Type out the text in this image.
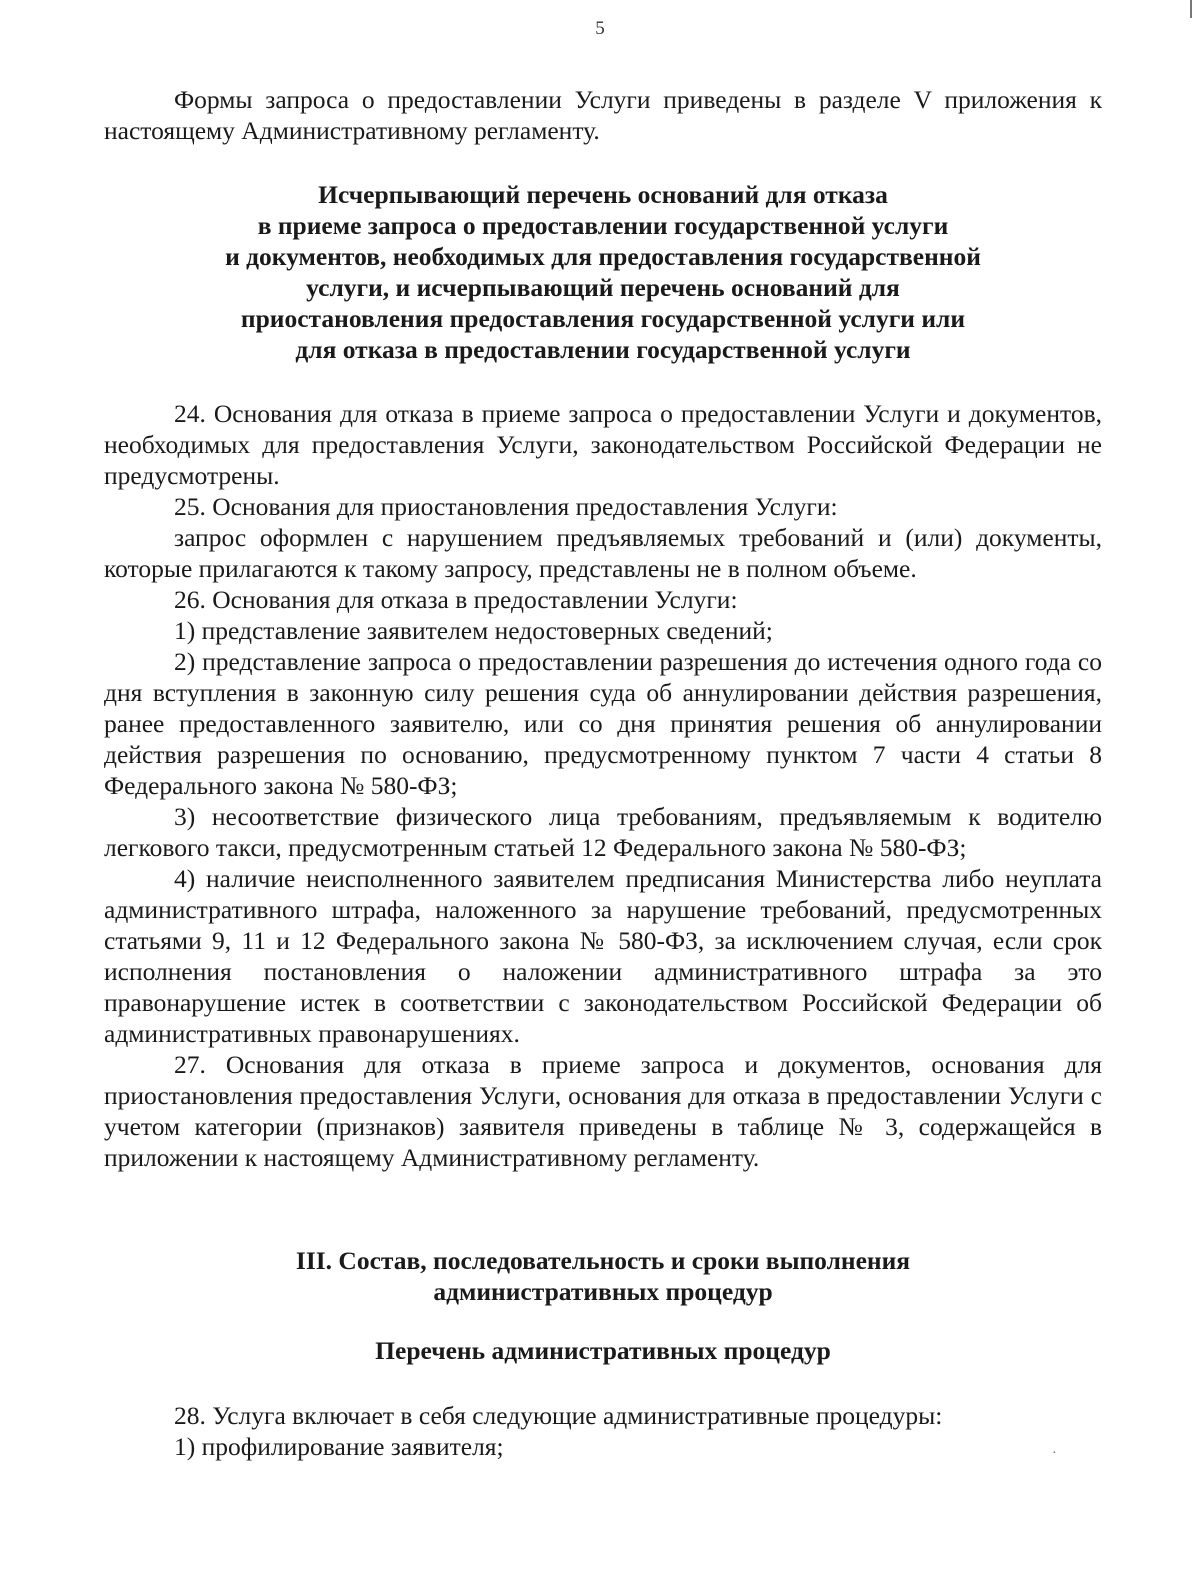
5

Формы запроса о предоставлении Услуги приведены в разделе V приложения к настоящему Административному регламенту.

Исчерпывающий перечень оснований для отказа

в приеме запроса о предоставлении государственной услуги

и документов, необходимых для предоставления государственной

услуги, и исчерпывающий перечень оснований для

приостановления предоставления государственной услуги или

для отказа в предоставлении государственной услуги

24. Основания для отказа в приеме запроса о предоставлении Услуги и документов, необходимых для предоставления Услуги, законодательством Российской Федерации не предусмотрены.

25. Основания для приостановления предоставления Услуги:

запрос оформлен с нарушением предъявляемых требований и (или) документы, которые прилагаются к такому запросу, представлены не в полном объеме.

26. Основания для отказа в предоставлении Услуги:

1) представление заявителем недостоверных сведений;

2) представление запроса о предоставлении разрешения до истечения одного года со дня вступления в законную силу решения суда об аннулировании действия разрешения, ранее предоставленного заявителю, или со дня принятия решения об аннулировании действия разрешения по основанию, предусмотренному пунктом 7 части 4 статьи 8 Федерального закона № 580-ФЗ;

3) несоответствие физического лица требованиям, предъявляемым к водителю легкового такси, предусмотренным статьей 12 Федерального закона № 580-ФЗ;

4) наличие неисполненного заявителем предписания Министерства либо неуплата административного штрафа, наложенного за нарушение требований, предусмотренных статьями 9, 11 и 12 Федерального закона № 580-ФЗ, за исключением случая, если срок исполнения постановления о наложении административного штрафа за это правонарушение истек в соответствии с законодательством Российской Федерации об административных правонарушениях.

27. Основания для отказа в приеме запроса и документов, основания для приостановления предоставления Услуги, основания для отказа в предоставлении Услуги с учетом категории (признаков) заявителя приведены в таблице № 3, содержащейся в приложении к настоящему Административному регламенту.

III. Состав, последовательность и сроки выполнения

административных процедур

Перечень административных процедур

28. Услуга включает в себя следующие административные процедуры:

1) профилирование заявителя;	·
